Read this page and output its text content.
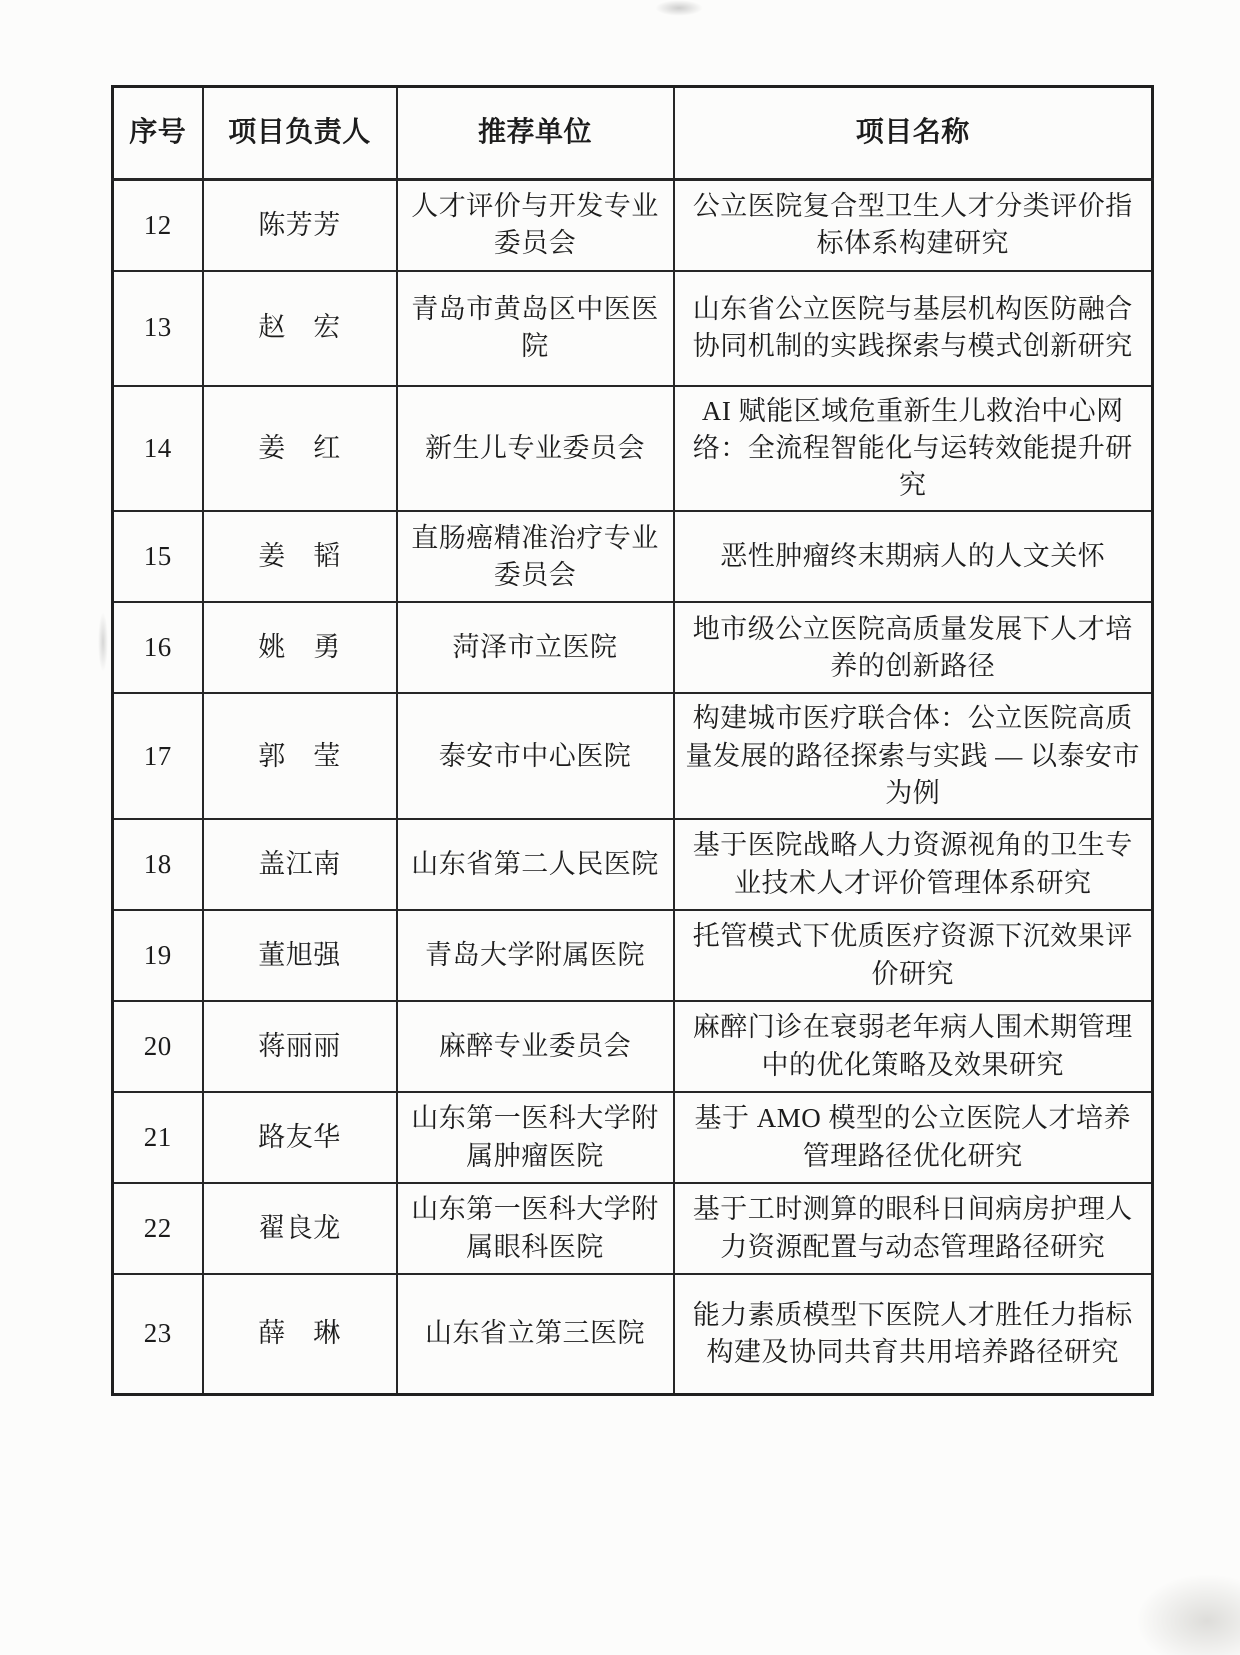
序号	项目负责人	推荐单位	项目名称
12	陈芳芳	人才评价与开发专业委员会	公立医院复合型卫生人才分类评价指标体系构建研究
13	赵　宏	青岛市黄岛区中医医院	山东省公立医院与基层机构医防融合协同机制的实践探索与模式创新研究
14	姜　红	新生儿专业委员会	AI 赋能区域危重新生儿救治中心网络：全流程智能化与运转效能提升研究
15	姜　韬	直肠癌精准治疗专业委员会	恶性肿瘤终末期病人的人文关怀
16	姚　勇	菏泽市立医院	地市级公立医院高质量发展下人才培养的创新路径
17	郭　莹	泰安市中心医院	构建城市医疗联合体：公立医院高质量发展的路径探索与实践 — 以泰安市为例
18	盖江南	山东省第二人民医院	基于医院战略人力资源视角的卫生专业技术人才评价管理体系研究
19	董旭强	青岛大学附属医院	托管模式下优质医疗资源下沉效果评价研究
20	蒋丽丽	麻醉专业委员会	麻醉门诊在衰弱老年病人围术期管理中的优化策略及效果研究
21	路友华	山东第一医科大学附属肿瘤医院	基于 AMO 模型的公立医院人才培养管理路径优化研究
22	翟良龙	山东第一医科大学附属眼科医院	基于工时测算的眼科日间病房护理人力资源配置与动态管理路径研究
23	薛　琳	山东省立第三医院	能力素质模型下医院人才胜任力指标构建及协同共育共用培养路径研究
